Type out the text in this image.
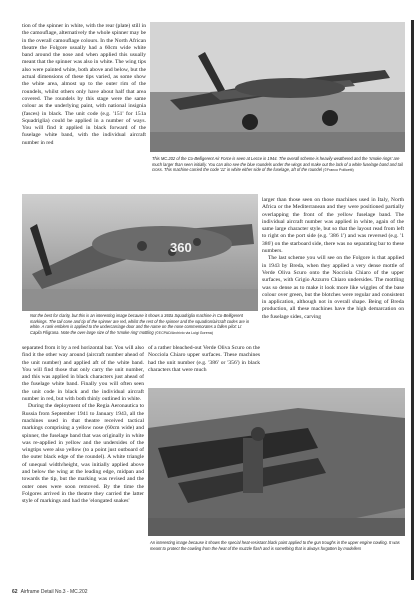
tion of the spinner in white, with the rear (plate) still in the camouflage, alternatively the whole spinner may be in the overall camouflage colours. In the North African theatre the Folgore usually had a 60cm wide white band around the nose and when applied this usually meant that the spinner was also in white. The wing tips also were painted white, both above and below, but the actual dimensions of these tips varied, as some show the white area, almost up to the outer rim of the roundels, whilst others only have about half that area covered. The roundels by this stage were the same colour as the underlying paint, with national insignia (fasces) in black. The unit code (e.g. '151' for 151a Squadriglia) could be applied in a number of ways. You will find it applied in black forward of the fuselage white band, with the individual aircraft number in red

This MC.202 of the Co-Belligerent Air Force is seen at Lecce in 1944. The overall scheme is heavily weathered and the 'smoke rings' are much larger than seen initially. You can also see the blue roundels under the wings and make out the lack of a white fuselage band and tail cross. This machine carried the code '11' in white either side of the fuselage, aft of the roundel (©Franco Pollicetti)
360
Not the best for clarity, but this is an interesting image because it shows a 360a Squadriglia machine in Co-Belligerent markings. The tail cone and tip of the spinner are red, whilst the rest of the spinner and the squadron/aircraft codes are in white. A rank emblem is applied to the undercarriage door and the name on the nose commemorates a fallen pilot: Lt Capila Filigrana. Note the over-large size of the 'smoke ring' mottling (©ECPAD/Archivio via Luigi Gorena)

larger than those seen on those machines used in Italy, North Africa or the Mediterranean and they were positioned partially overlapping the front of the yellow fuselage band. The individual aircraft number was applied in white, again of the same large character style, but so that the layout read from left to right on the port side (e.g. '386 1') and was reversed (e.g. '1 386') on the starboard side, there was no separating bar to these numbers.

The last scheme you will see on the Folgore is that applied in 1943 by Breda, when they applied a very dense mottle of Verde Oliva Scuro onto the Nocciola Chiaro of the upper surfaces, with Grigio Azzurro Chiaro undersides. The mottling was so dense as to make it look more like wiggles of the base colour over green, but the blotches were regular and consistent in application, although not in overall shape. Being of Breda production, all these machines have the high demarcation on the fuselage sides, carving

separated from it by a red horizontal bar. You will also find it the other way around (aircraft number ahead of the unit number) and applied aft of the white band. You will find those that only carry the unit number, and this was applied in black characters just ahead of the fuselage white band. Finally you will often seen the unit code in black and the individual aircraft number in red, but with both thinly outlined in white.

During the deployment of the Regia Aeronautica to Russia from September 1941 to January 1943, all the machines used in that theatre received tactical markings comprising a yellow nose (60cm wide) and spinner, the fuselage band that was originally in white was re-applied in yellow and the undersides of the wingtips were also yellow (to a point just outboard of the outer black edge of the roundel). A white triangle of unequal width/height, was initially applied above and below the wing at the leading edge, midpan and towards the tip, but the marking was revised and the outer ones were soon removed. By the time the Folgores arrived in the theatre they carried the latter style of markings and had the 'elongated snakes'

of a rather bleached-out Verde Oliva Scuro on the Nocciola Chiaro upper surfaces. These machines had the unit number (e.g. '386' or '356') in black characters that were much

An interesting image because it shows the special heat-resistant black paint applied to the gun troughs in the upper engine cowling. It was meant to protect the cowling from the heat of the muzzle flash and is something that is always forgotten by modellers
62 Airframe Detail No.3 - MC.202
